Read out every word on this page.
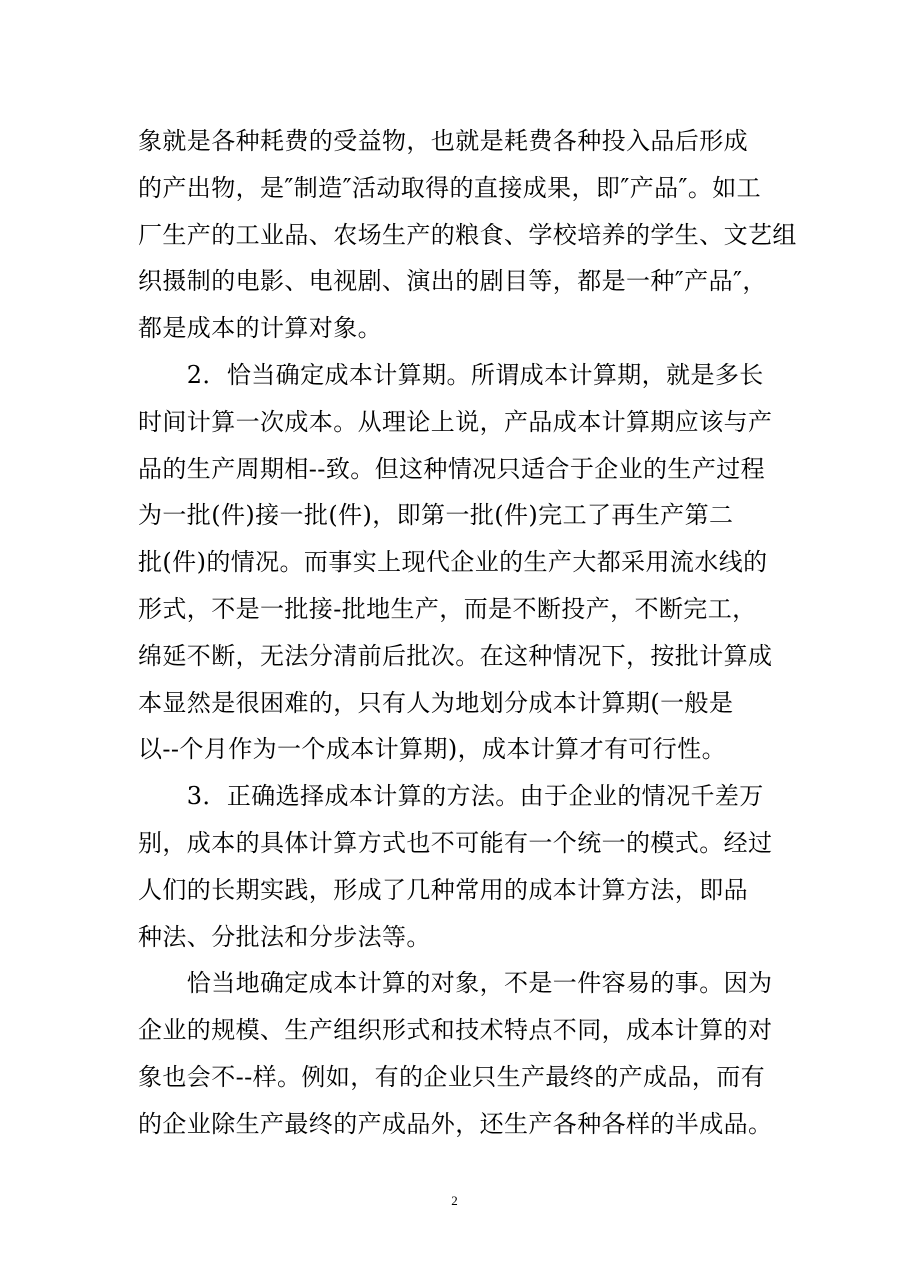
象就是各种耗费的受益物，也就是耗费各种投入品后形成
的产出物，是″制造″活动取得的直接成果，即″产品″。如工
厂生产的工业品、农场生产的粮食、学校培养的学生、文艺组
织摄制的电影、电视剧、演出的剧目等，都是一种″产品″，
都是成本的计算对象。
　　2．恰当确定成本计算期。所谓成本计算期，就是多长
时间计算一次成本。从理论上说，产品成本计算期应该与产
品的生产周期相--致。但这种情况只适合于企业的生产过程
为一批(件)接一批(件)，即第一批(件)完工了再生产第二
批(件)的情况。而事实上现代企业的生产大都采用流水线的
形式，不是一批接-批地生产，而是不断投产，不断完工，
绵延不断，无法分清前后批次。在这种情况下，按批计算成
本显然是很困难的，只有人为地划分成本计算期(一般是
以--个月作为一个成本计算期)，成本计算才有可行性。
　　3．正确选择成本计算的方法。由于企业的情况千差万
别，成本的具体计算方式也不可能有一个统一的模式。经过
人们的长期实践，形成了几种常用的成本计算方法，即品
种法、分批法和分步法等。
　　恰当地确定成本计算的对象，不是一件容易的事。因为
企业的规模、生产组织形式和技术特点不同，成本计算的对
象也会不--样。例如，有的企业只生产最终的产成品，而有
的企业除生产最终的产成品外，还生产各种各样的半成品。
2
